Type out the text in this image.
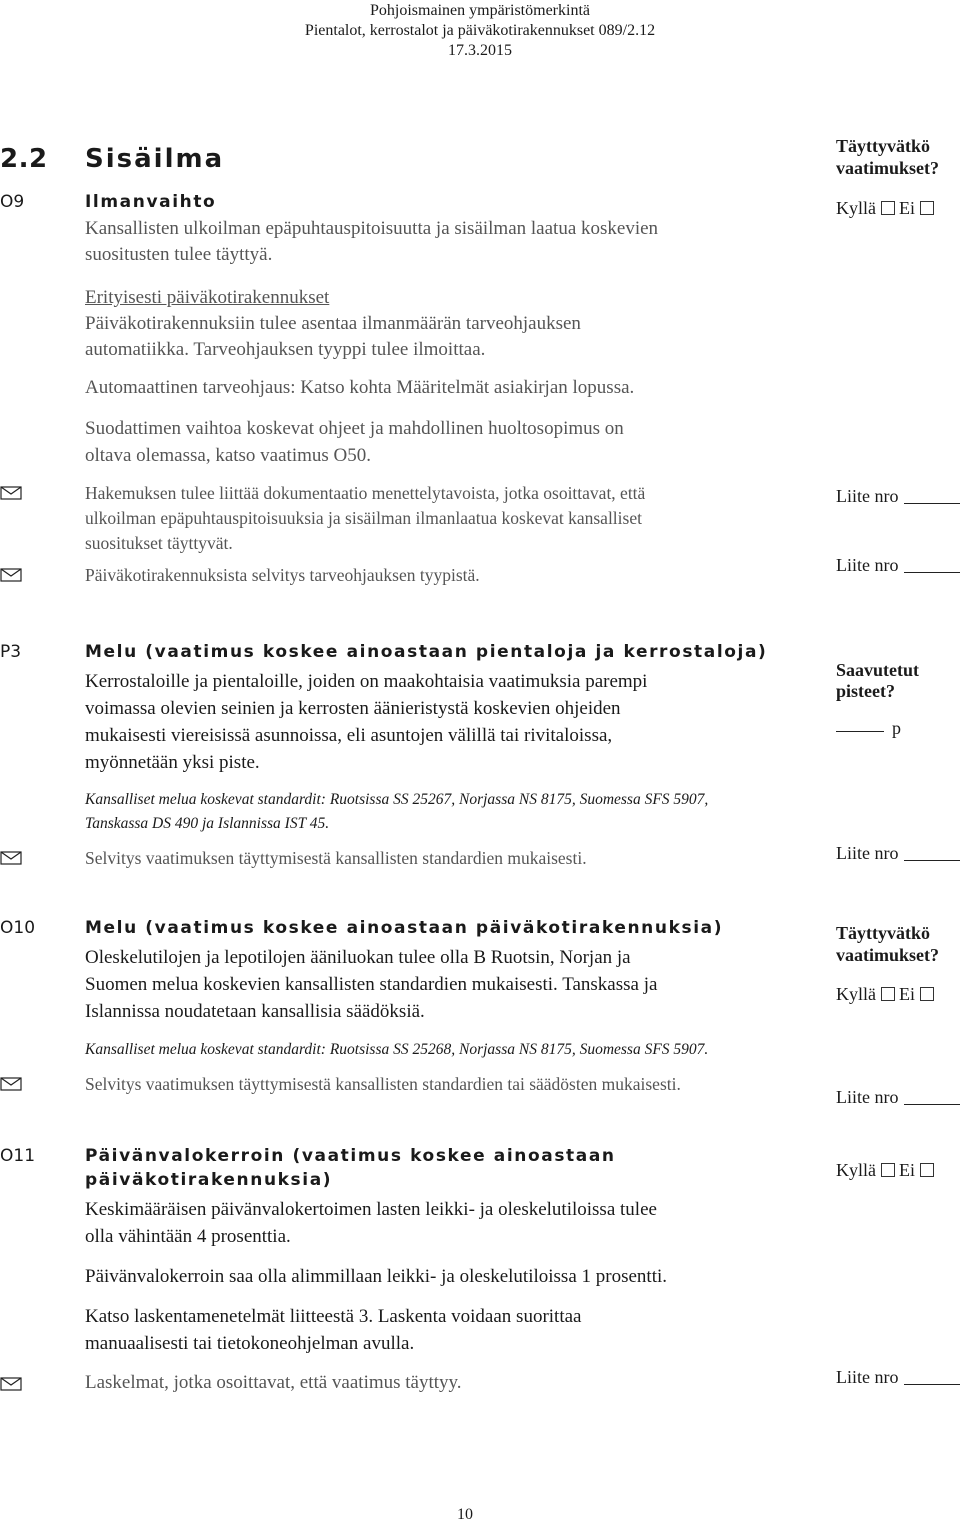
Pohjoismainen ympäristömerkintä
Pientalot, kerrostalot ja päiväkotirakennukset 089/2.12
17.3.2015
2.2 Sisäilma
O9	Ilmanvaihto
Kansallisten ulkoilman epäpuhtauspitoisuutta ja sisäilman laatua koskevien
suositusten tulee täyttyä.
Erityisesti päiväkotirakennukset
Päiväkotirakennuksiin tulee asentaa ilmanmäärän tarveohjauksen
automatiikka. Tarveohjauksen tyyppi tulee ilmoittaa.
Automaattinen tarveohjaus: Katso kohta Määritelmät asiakirjan lopussa.
Suodattimen vaihtoa koskevat ohjeet ja mahdollinen huoltosopimus on
oltava olemassa, katso vaatimus O50.
Hakemuksen tulee liittää dokumentaatio menettelytavoista, jotka osoittavat, että
ulkoilman epäpuhtauspitoisuuksia ja sisäilman ilmanlaatua koskevat kansalliset
suositukset täyttyvät.
Päiväkotirakennuksista selvitys tarveohjauksen tyypistä.
Täyttyvätkö
vaatimukset?
Kyllä Ei
Liite nro
Liite nro
P3	Melu (vaatimus koskee ainoastaan pientaloja ja kerrostaloja)
Kerrostaloille ja pientaloille, joiden on maakohtaisia vaatimuksia parempi
voimassa olevien seinien ja kerrosten äänieristystä koskevien ohjeiden
mukaisesti viereisissä asunnoissa, eli asuntojen välillä tai rivitaloissa,
myönnetään yksi piste.
Kansalliset melua koskevat standardit: Ruotsissa SS 25267, Norjassa NS 8175, Suomessa SFS 5907,
Tanskassa DS 490 ja Islannissa IST 45.
Selvitys vaatimuksen täyttymisestä kansallisten standardien mukaisesti.
Saavutetut
pisteet?
p
Liite nro
O10	Melu (vaatimus koskee ainoastaan päiväkotirakennuksia)
Oleskelutilojen ja lepotilojen ääniluokan tulee olla B Ruotsin, Norjan ja
Suomen melua koskevien kansallisten standardien mukaisesti. Tanskassa ja
Islannissa noudatetaan kansallisia säädöksiä.
Kansalliset melua koskevat standardit: Ruotsissa SS 25268, Norjassa NS 8175, Suomessa SFS 5907.
Selvitys vaatimuksen täyttymisestä kansallisten standardien tai säädösten mukaisesti.
Täyttyvätkö
vaatimukset?
Kyllä Ei
Liite nro
O11	Päivänvalokerroin (vaatimus koskee ainoastaan
päiväkotirakennuksia)
Keskimääräisen päivänvalokertoimen lasten leikki- ja oleskelutiloissa tulee
olla vähintään 4 prosenttia.
Päivänvalokerroin saa olla alimmillaan leikki- ja oleskelutiloissa 1 prosentti.
Katso laskentamenetelmät liitteestä 3. Laskenta voidaan suorittaa
manuaalisesti tai tietokoneohjelman avulla.
Laskelmat, jotka osoittavat, että vaatimus täyttyy.
Kyllä Ei
Liite nro
10
